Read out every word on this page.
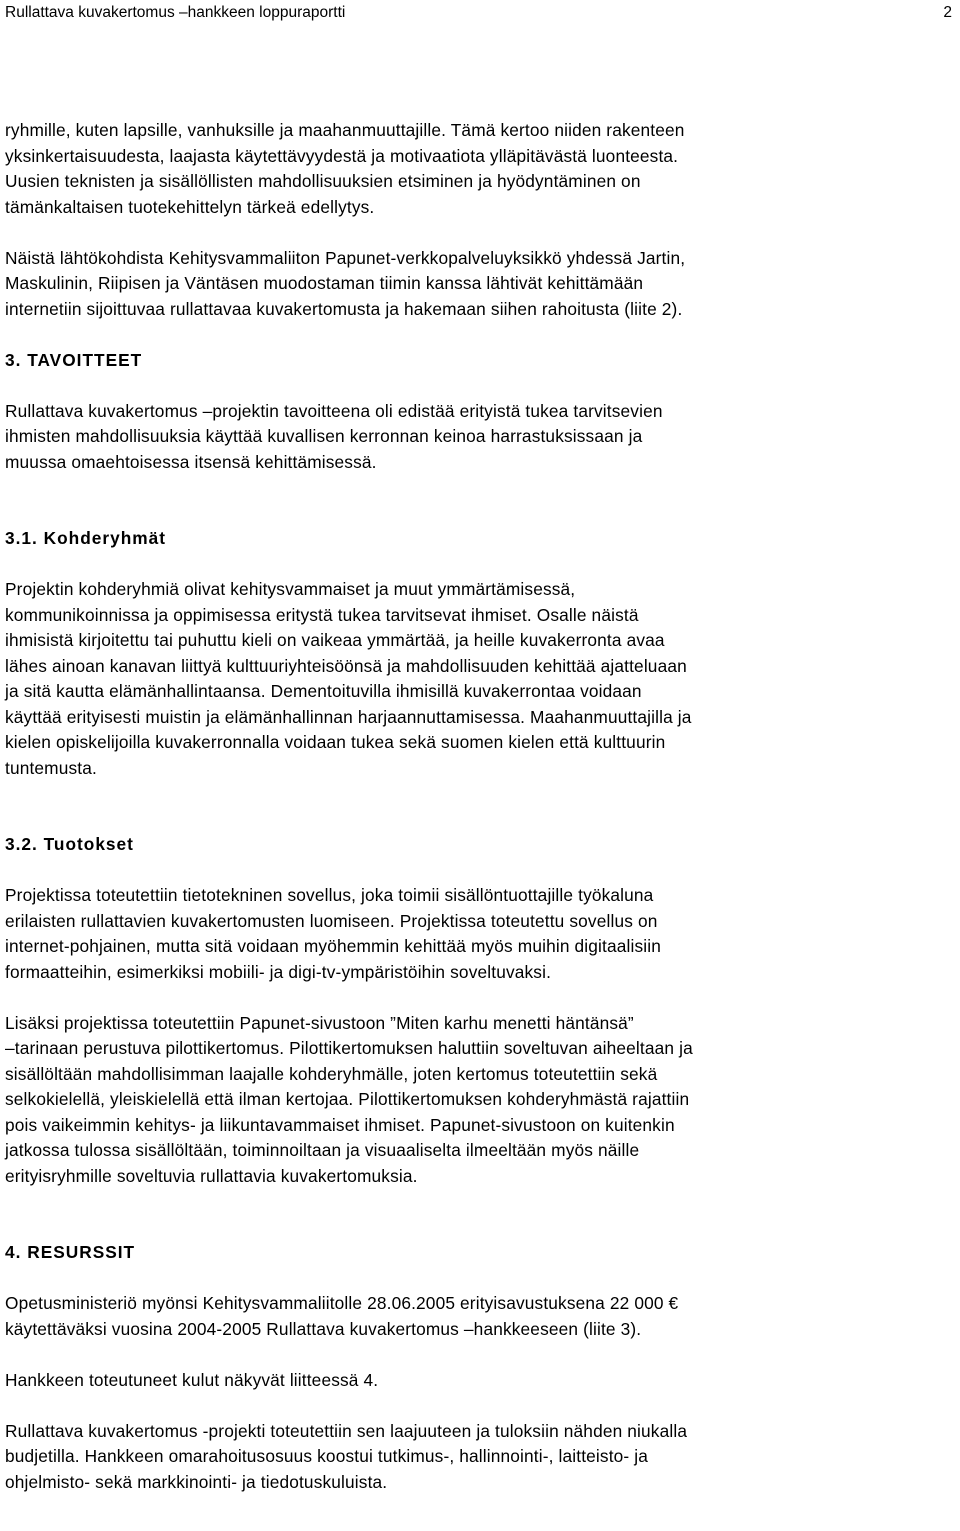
Rullattava kuvakertomus –hankkeen loppuraportti	2

ryhmille, kuten lapsille, vanhuksille ja maahanmuuttajille. Tämä kertoo niiden rakenteen
yksinkertaisuudesta, laajasta käytettävyydestä ja motivaatiota ylläpitävästä luonteesta.
Uusien teknisten ja sisällöllisten mahdollisuuksien etsiminen ja hyödyntäminen on
tämänkaltaisen tuotekehittelyn tärkeä edellytys.

Näistä lähtökohdista Kehitysvammaliiton Papunet-verkkopalveluyksikkö yhdessä Jartin,
Maskulinin, Riipisen ja Väntäsen muodostaman tiimin kanssa lähtivät kehittämään
internetiin sijoittuvaa rullattavaa kuvakertomusta ja hakemaan siihen rahoitusta (liite 2).

3. TAVOITTEET

Rullattava kuvakertomus –projektin tavoitteena oli edistää erityistä tukea tarvitsevien
ihmisten mahdollisuuksia käyttää kuvallisen kerronnan keinoa harrastuksissaan ja
muussa omaehtoisessa itsensä kehittämisessä.

3.1. Kohderyhmät

Projektin kohderyhmiä olivat kehitysvammaiset ja muut ymmärtämisessä,
kommunikoinnissa ja oppimisessa eritystä tukea tarvitsevat ihmiset. Osalle näistä
ihmisistä kirjoitettu tai puhuttu kieli on vaikeaa ymmärtää, ja heille kuvakerronta avaa
lähes ainoan kanavan liittyä kulttuuriyhteisöönsä ja mahdollisuuden kehittää ajatteluaan
ja sitä kautta elämänhallintaansa. Dementoituvilla ihmisillä kuvakerrontaa voidaan
käyttää erityisesti muistin ja elämänhallinnan harjaannuttamisessa. Maahanmuuttajilla ja
kielen opiskelijoilla kuvakerronnalla voidaan tukea sekä suomen kielen että kulttuurin
tuntemusta.

3.2. Tuotokset

Projektissa toteutettiin tietotekninen sovellus, joka toimii sisällöntuottajille työkaluna
erilaisten rullattavien kuvakertomusten luomiseen. Projektissa toteutettu sovellus on
internet-pohjainen, mutta sitä voidaan myöhemmin kehittää myös muihin digitaalisiin
formaatteihin, esimerkiksi mobiili- ja digi-tv-ympäristöihin soveltuvaksi.

Lisäksi projektissa toteutettiin Papunet-sivustoon ”Miten karhu menetti häntänsä”
–tarinaan perustuva pilottikertomus. Pilottikertomuksen haluttiin soveltuvan aiheeltaan ja
sisällöltään mahdollisimman laajalle kohderyhmälle, joten kertomus toteutettiin sekä
selkokielellä, yleiskielellä että ilman kertojaa. Pilottikertomuksen kohderyhmästä rajattiin
pois vaikeimmin kehitys- ja liikuntavammaiset ihmiset. Papunet-sivustoon on kuitenkin
jatkossa tulossa sisällöltään, toiminnoiltaan ja visuaaliselta ilmeeltään myös näille
erityisryhmille soveltuvia rullattavia kuvakertomuksia.

4. RESURSSIT

Opetusministeriö myönsi Kehitysvammaliitolle 28.06.2005 erityisavustuksena 22 000 €
käytettäväksi vuosina 2004-2005 Rullattava kuvakertomus –hankkeeseen (liite 3).

Hankkeen toteutuneet kulut näkyvät liitteessä 4.

Rullattava kuvakertomus -projekti toteutettiin sen laajuuteen ja tuloksiin nähden niukalla
budjetilla. Hankkeen omarahoitusosuus koostui tutkimus-, hallinnointi-, laitteisto- ja
ohjelmisto- sekä markkinointi- ja tiedotuskuluista.
